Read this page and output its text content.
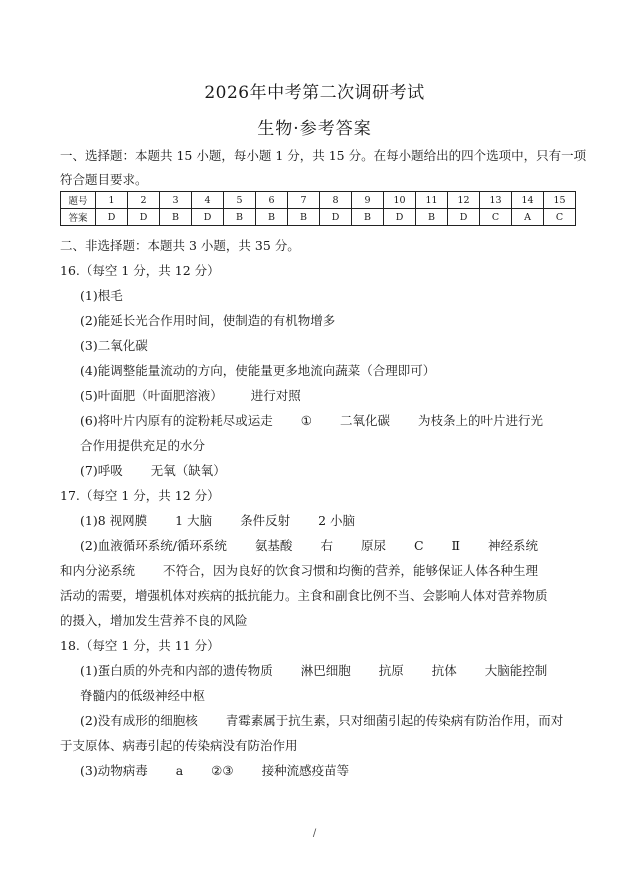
2026年中考第二次调研考试
生物·参考答案
一、选择题：本题共 15 小题，每小题 1 分，共 15 分。在每小题给出的四个选项中，只有一项
符合题目要求。
题号	1	2	3	4	5	6	7	8	9	10	11	12	13	14	15
答案	D	D	B	D	B	B	B	D	B	D	B	D	C	A	C
二、非选择题：本题共 3 小题，共 35 分。
16.（每空 1 分，共 12 分）
(1)根毛
(2)能延长光合作用时间，使制造的有机物增多
(3)二氧化碳
(4)能调整能量流动的方向，使能量更多地流向蔬菜（合理即可）
(5)叶面肥（叶面肥溶液） 进行对照
(6)将叶片内原有的淀粉耗尽或运走 ① 二氧化碳 为枝条上的叶片进行光
合作用提供充足的水分
(7)呼吸 无氧（缺氧）
17.（每空 1 分，共 12 分）
(1)8 视网膜 1 大脑 条件反射 2 小脑
(2)血液循环系统/循环系统 氨基酸 右 原尿 C Ⅱ 神经系统
和内分泌系统 不符合，因为良好的饮食习惯和均衡的营养，能够保证人体各种生理
活动的需要，增强机体对疾病的抵抗能力。主食和副食比例不当、会影响人体对营养物质
的摄入，增加发生营养不良的风险
18.（每空 1 分，共 11 分）
(1)蛋白质的外壳和内部的遗传物质 淋巴细胞 抗原 抗体 大脑能控制
脊髓内的低级神经中枢
(2)没有成形的细胞核 青霉素属于抗生素，只对细菌引起的传染病有防治作用，而对
于支原体、病毒引起的传染病没有防治作用
(3)动物病毒 a ②③ 接种流感疫苗等
/
